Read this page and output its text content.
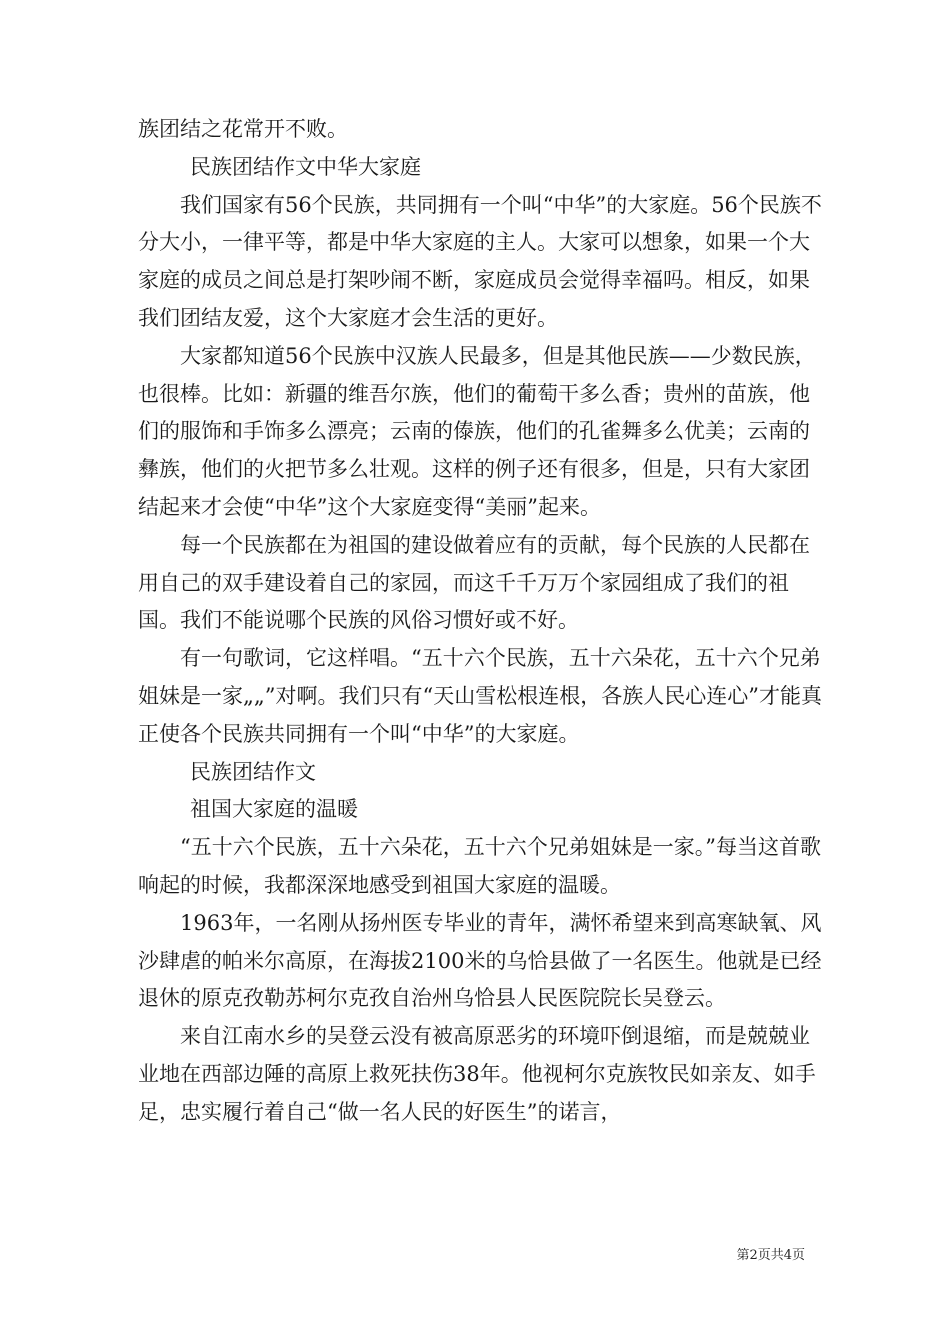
族团结之花常开不败。

民族团结作文中华大家庭

我们国家有56个民族，共同拥有一个叫“中华”的大家庭。56个民族不分大小，一律平等，都是中华大家庭的主人。大家可以想象，如果一个大家庭的成员之间总是打架吵闹不断，家庭成员会觉得幸福吗。相反，如果我们团结友爱，这个大家庭才会生活的更好。

大家都知道56个民族中汉族人民最多，但是其他民族——少数民族，也很棒。比如：新疆的维吾尔族，他们的葡萄干多么香；贵州的苗族，他们的服饰和手饰多么漂亮；云南的傣族，他们的孔雀舞多么优美；云南的彝族，他们的火把节多么壮观。这样的例子还有很多，但是，只有大家团结起来才会使“中华”这个大家庭变得“美丽”起来。

每一个民族都在为祖国的建设做着应有的贡献，每个民族的人民都在用自己的双手建设着自己的家园，而这千千万万个家园组成了我们的祖国。我们不能说哪个民族的风俗习惯好或不好。

有一句歌词，它这样唱。“五十六个民族，五十六朵花，五十六个兄弟姐妹是一家„„”对啊。我们只有“天山雪松根连根，各族人民心连心”才能真正使各个民族共同拥有一个叫“中华”的大家庭。

民族团结作文

祖国大家庭的温暖

“五十六个民族，五十六朵花，五十六个兄弟姐妹是一家。”每当这首歌响起的时候，我都深深地感受到祖国大家庭的温暖。

1963年，一名刚从扬州医专毕业的青年，满怀希望来到高寒缺氧、风沙肆虐的帕米尔高原，在海拔2100米的乌恰县做了一名医生。他就是已经退休的原克孜勒苏柯尔克孜自治州乌恰县人民医院院长吴登云。

来自江南水乡的吴登云没有被高原恶劣的环境吓倒退缩，而是兢兢业业地在西部边陲的高原上救死扶伤38年。他视柯尔克族牧民如亲友、如手足，忠实履行着自己“做一名人民的好医生”的诺言，

第2页共4页
